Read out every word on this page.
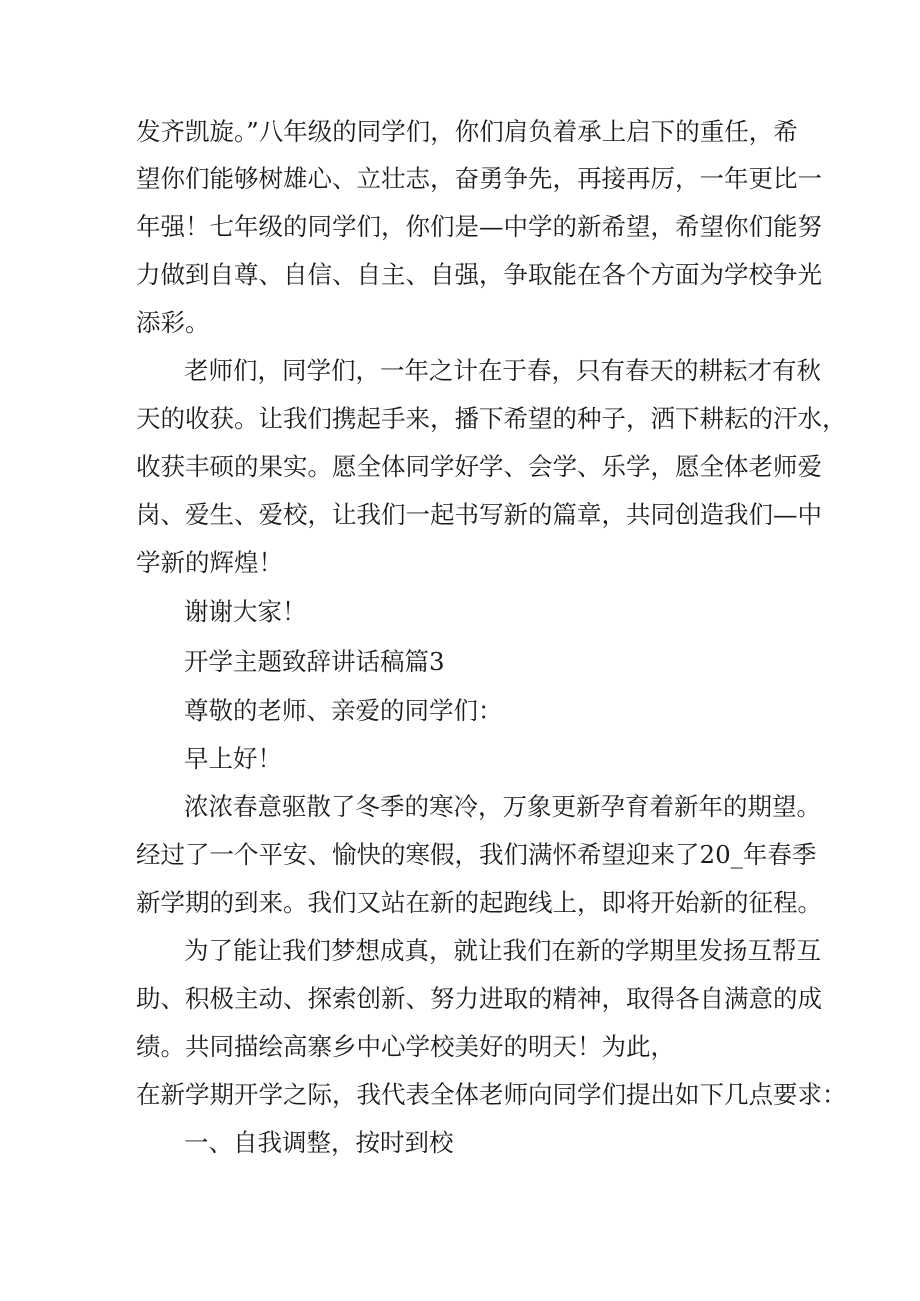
发齐凯旋。”八年级的同学们，你们肩负着承上启下的重任，希

望你们能够树雄心、立壮志，奋勇争先，再接再厉，一年更比一

年强！七年级的同学们，你们是—中学的新希望，希望你们能努

力做到自尊、自信、自主、自强，争取能在各个方面为学校争光

添彩。

老师们，同学们，一年之计在于春，只有春天的耕耘才有秋

天的收获。让我们携起手来，播下希望的种子，洒下耕耘的汗水，

收获丰硕的果实。愿全体同学好学、会学、乐学，愿全体老师爱

岗、爱生、爱校，让我们一起书写新的篇章，共同创造我们—中

学新的辉煌！

谢谢大家！

开学主题致辞讲话稿篇3

尊敬的老师、亲爱的同学们：

早上好！

浓浓春意驱散了冬季的寒冷，万象更新孕育着新年的期望。

经过了一个平安、愉快的寒假，我们满怀希望迎来了20_年春季

新学期的到来。我们又站在新的起跑线上，即将开始新的征程。

为了能让我们梦想成真，就让我们在新的学期里发扬互帮互

助、积极主动、探索创新、努力进取的精神，取得各自满意的成

绩。共同描绘高寨乡中心学校美好的明天！为此，

在新学期开学之际，我代表全体老师向同学们提出如下几点要求：

一、自我调整，按时到校
